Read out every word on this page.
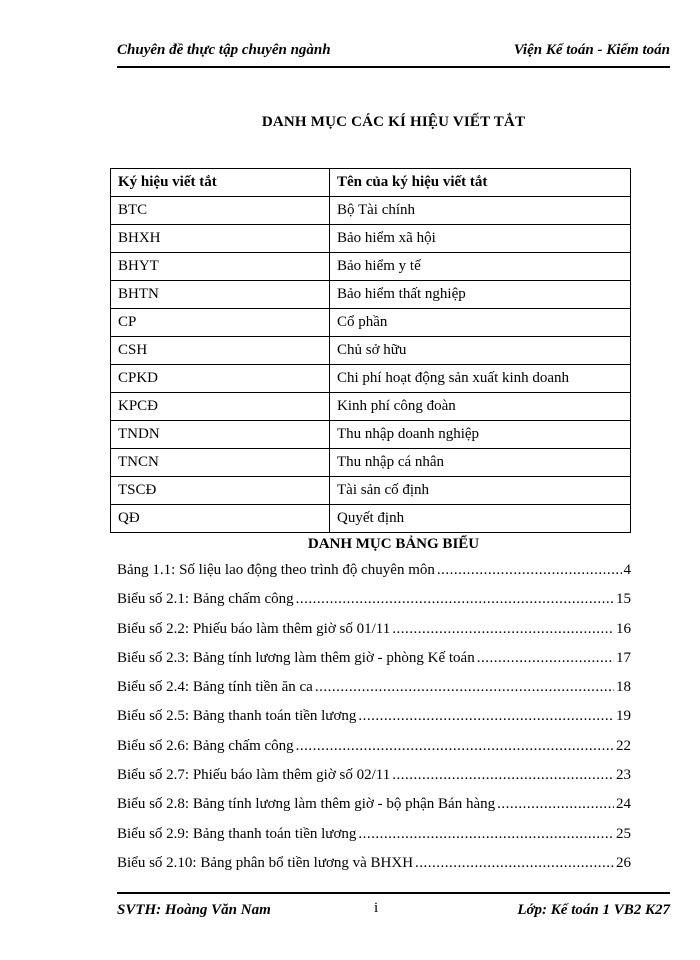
Chuyên đề thực tập chuyên ngành	Viện Kế toán - Kiểm toán
DANH MỤC CÁC KÍ HIỆU VIẾT TẮT
Ký hiệu viết tắt	Tên của ký hiệu viết tắt
BTC	Bộ Tài chính
BHXH	Bảo hiểm xã hội
BHYT	Bảo hiểm y tế
BHTN	Bảo hiểm thất nghiệp
CP	Cổ phần
CSH	Chủ sở hữu
CPKD	Chi phí hoạt động sản xuất kinh doanh
KPCĐ	Kinh phí công đoàn
TNDN	Thu nhập doanh nghiệp
TNCN	Thu nhập cá nhân
TSCĐ	Tài sản cố định
QĐ	Quyết định
DANH MỤC BẢNG BIỂU
Bảng 1.1: Số liệu lao động theo trình độ chuyên môn .....	4
Biểu số 2.1: Bảng chấm công .....	15
Biểu số 2.2: Phiếu báo làm thêm giờ số 01/11 .....	16
Biểu số 2.3: Bảng tính lương làm thêm giờ - phòng Kế toán .....	17
Biểu số 2.4: Bảng tính tiền ăn ca .....	18
Biểu số 2.5: Bảng thanh toán tiền lương .....	19
Biểu số 2.6: Bảng chấm công .....	22
Biểu số 2.7: Phiếu báo làm thêm giờ số 02/11 .....	23
Biểu số 2.8: Bảng tính lương làm thêm giờ - bộ phận Bán hàng .....	24
Biểu số 2.9: Bảng thanh toán tiền lương .....	25
Biểu số 2.10: Bảng phân bổ tiền lương và BHXH .....	26
SVTH: Hoàng Văn Nam	i	Lớp: Kế toán 1 VB2 K27
